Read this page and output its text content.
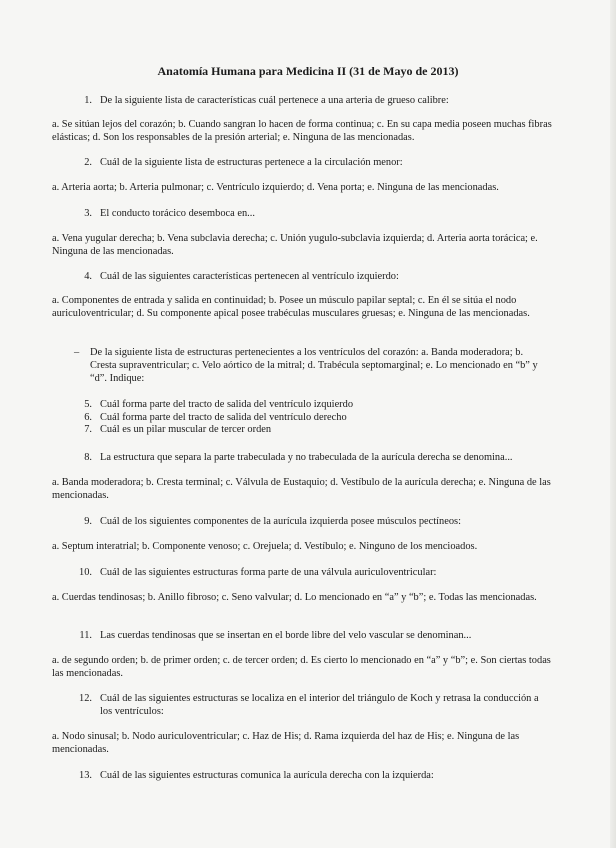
Anatomía Humana para Medicina II (31 de Mayo de 2013)
1. De la siguiente lista de características cuál pertenece a una arteria de grueso calibre:
a. Se sitúan lejos del corazón; b. Cuando sangran lo hacen de forma continua; c. En su capa media poseen muchas fibras elásticas; d. Son los responsables de la presión arterial; e. Ninguna de las mencionadas.
2. Cuál de la siguiente lista de estructuras pertenece a la circulación menor:
a. Arteria aorta; b. Arteria pulmonar; c. Ventrículo izquierdo; d. Vena porta; e. Ninguna de las mencionadas.
3. El conducto torácico desemboca en...
a. Vena yugular derecha; b. Vena subclavia derecha; c. Unión yugulo-subclavia izquierda; d. Arteria aorta torácica; e. Ninguna de las mencionadas.
4. Cuál de las siguientes características pertenecen al ventrículo izquierdo:
a. Componentes de entrada y salida en continuidad; b. Posee un músculo papilar septal; c. En él se sitúa el nodo auriculoventricular; d. Su componente apical posee trabéculas musculares gruesas; e. Ninguna de las mencionadas.
– De la siguiente lista de estructuras pertenecientes a los ventrículos del corazón: a. Banda moderadora; b. Cresta supraventricular; c. Velo aórtico de la mitral; d. Trabécula septomarginal; e. Lo mencionado en “b” y “d”. Indique:
5. Cuál forma parte del tracto de salida del ventrículo izquierdo
6. Cuál forma parte del tracto de salida del ventrículo derecho
7. Cuál es un pilar muscular de tercer orden
8. La estructura que separa la parte trabeculada y no trabeculada de la aurícula derecha se denomina...
a. Banda moderadora; b. Cresta terminal; c. Válvula de Eustaquio; d. Vestíbulo de la aurícula derecha; e. Ninguna de las mencionadas.
9. Cuál de los siguientes componentes de la aurícula izquierda posee músculos pectíneos:
a. Septum interatrial; b. Componente venoso; c. Orejuela; d. Vestíbulo; e. Ninguno de los mencioados.
10. Cuál de las siguientes estructuras forma parte de una válvula auriculoventricular:
a. Cuerdas tendinosas; b. Anillo fibroso; c. Seno valvular; d. Lo mencionado en “a” y “b”; e. Todas las mencionadas.
11. Las cuerdas tendinosas que se insertan en el borde libre del velo vascular se denominan...
a. de segundo orden; b. de primer orden; c. de tercer orden; d. Es cierto lo mencionado en “a” y “b”; e. Son ciertas todas las mencionadas.
12. Cuál de las siguientes estructuras se localiza en el interior del triángulo de Koch y retrasa la conducción a los ventrículos:
a. Nodo sinusal; b. Nodo auriculoventricular; c. Haz de His; d. Rama izquierda del haz de His; e. Ninguna de las mencionadas.
13. Cuál de las siguientes estructuras comunica la aurícula derecha con la izquierda:
